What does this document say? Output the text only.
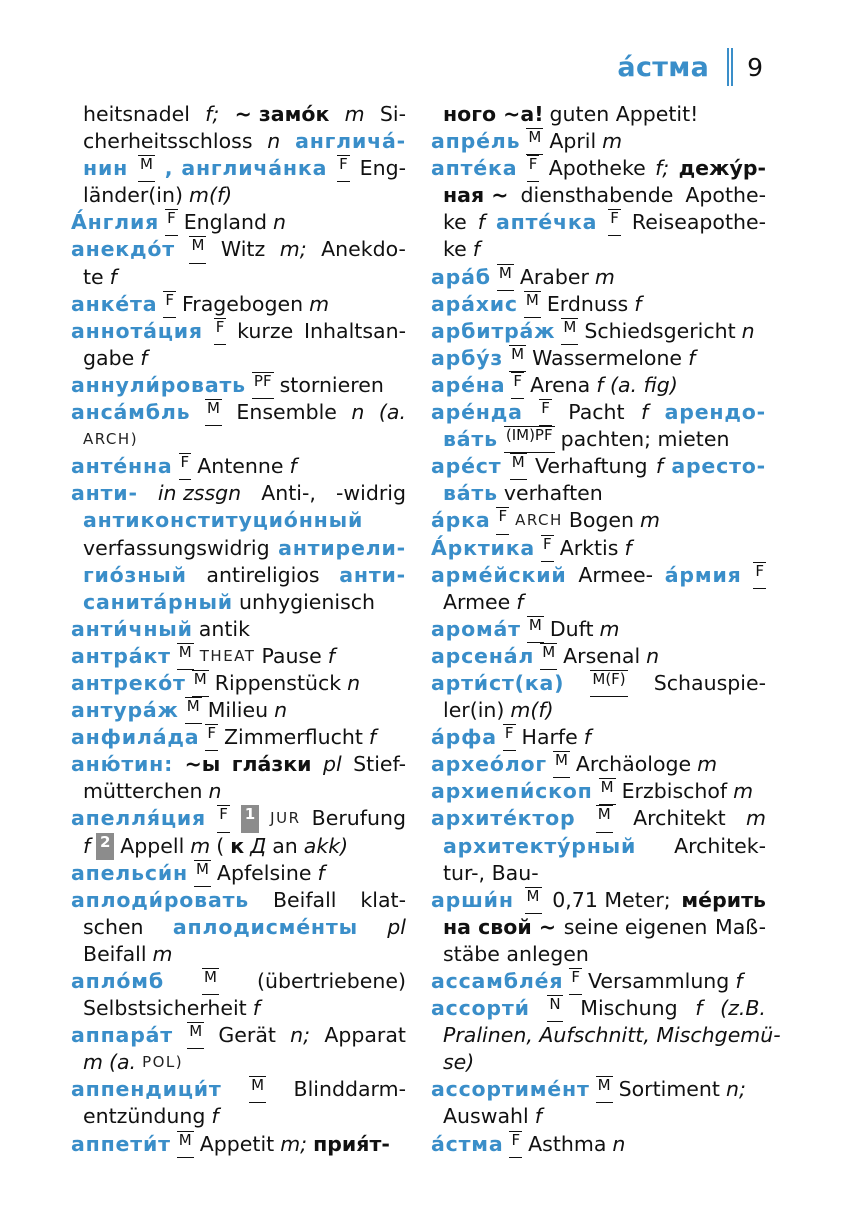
а́стма 9
heitsnadel f; ~ замо́к m Si-
cherheitsschloss n англича́-
нин M , англича́нка F Eng-
länder(in) m(f)
А́нглия F England n
анекдо́т M Witz m; Anekdo-
te f
анке́та F Fragebogen m
аннота́ция F kurze Inhaltsan-
gabe f
аннули́ровать PF stornieren
анса́мбль M Ensemble n (a.
ARCH)
анте́нна F Antenne f
анти- in zssgn Anti-, -widrig
антиконституцио́нный
verfassungswidrig антирели-
гио́зный antireligios анти-
санита́рный unhygienisch
анти́чный antik
антра́кт M THEAT Pause f
антреко́т M Rippenstück n
антура́ж M Milieu n
анфила́да F Zimmerflucht f
аню́тин: ~ы гла́зки pl Stief-
mütterchen n
апелля́ция F 1 JUR Berufung
f 2 Appell m ( к Д an akk)
апельси́н M Apfelsine f
аплоди́ровать Beifall klat-
schen аплодисме́нты pl
Beifall m
апло́мб	M (übertriebene)
Selbstsicherheit f
аппара́т M Gerät n; Apparat
m (a. POL)
аппендици́т M Blinddarm-
entzündung f
аппети́т M Appetit m; прия́т-
ного ~а! guten Appetit!
апре́ль M April m
апте́ка F Apotheke f; дежу́р-
ная ~ diensthabende Apothe-
ke f апте́чка F Reiseapothe-
ke f
ара́б M Araber m
ара́хис M Erdnuss f
арбитра́ж M Schiedsgericht n
арбу́з M Wassermelone f
аре́на F Arena f (a. fig)
аре́нда F Pacht f арендо-
ва́ть (IM)PF pachten; mieten
аре́ст M Verhaftung f аресто-
ва́ть verhaften
а́рка F ARCH Bogen m
А́рктика F Arktis f
арме́йский Armee- а́рмия F
Armee f
арома́т M Duft m
арсена́л M Arsenal n
арти́ст(ка) M(F) Schauspie-
ler(in) m(f)
а́рфа F Harfe f
архео́лог M Archäologe m
архиепи́скоп M Erzbischof m
архите́ктор M Architekt m
архитекту́рный Architek-
tur-, Bau-
арши́н M 0,71 Meter; ме́рить
на свой ~ seine eigenen Maß-
stäbe anlegen
ассамбле́я F Versammlung f
ассорти́ N Mischung f (z.B.
Pralinen, Aufschnitt, Mischgemü-
se)
ассортиме́нт M Sortiment n;
Auswahl f
а́стма F Asthma n
